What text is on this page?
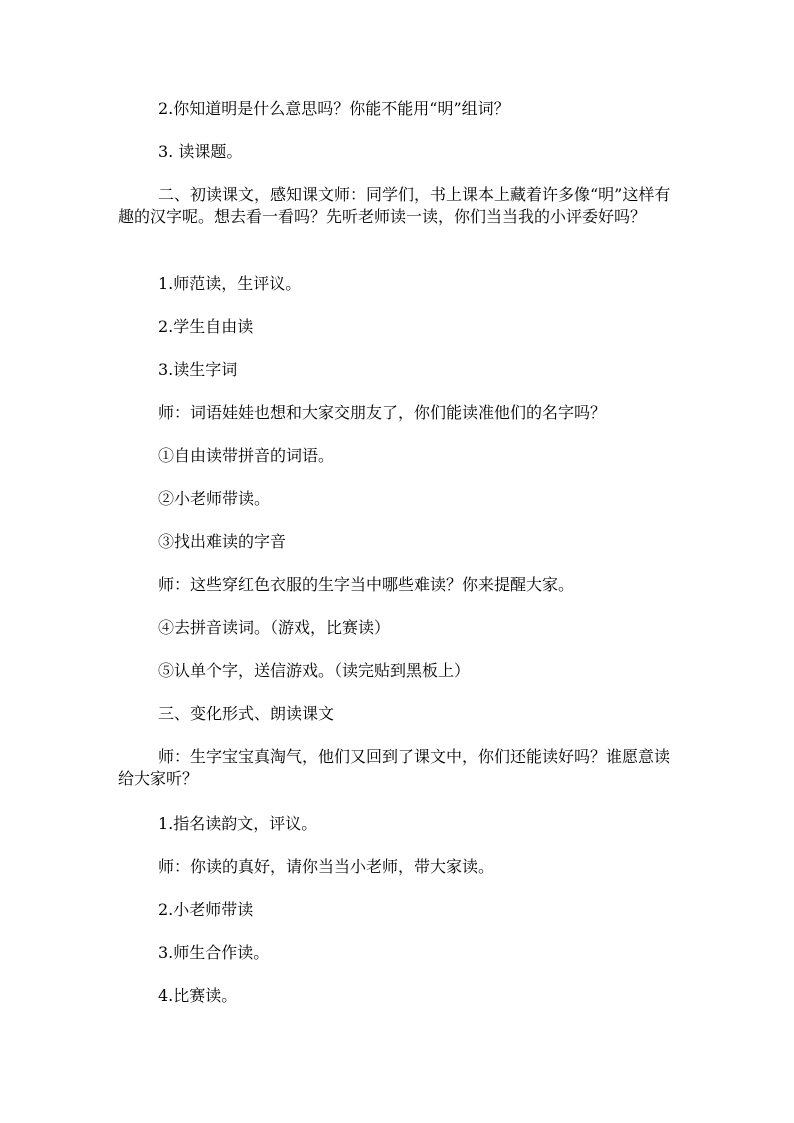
2.你知道明是什么意思吗？你能不能用“明”组词？
3. 读课题。
二、初读课文，感知课文师：同学们，书上课本上藏着许多像“明”这样有趣的汉字呢。想去看一看吗？先听老师读一读，你们当当我的小评委好吗？
1.师范读，生评议。
2.学生自由读
3.读生字词
师：词语娃娃也想和大家交朋友了，你们能读准他们的名字吗？
①自由读带拼音的词语。
②小老师带读。
③找出难读的字音
师：这些穿红色衣服的生字当中哪些难读？你来提醒大家。
④去拼音读词。（游戏，比赛读）
⑤认单个字，送信游戏。（读完贴到黑板上）
三、变化形式、朗读课文
师：生字宝宝真淘气，他们又回到了课文中，你们还能读好吗？谁愿意读给大家听？
1.指名读韵文，评议。
师：你读的真好，请你当当小老师，带大家读。
2.小老师带读
3.师生合作读。
4.比赛读。
